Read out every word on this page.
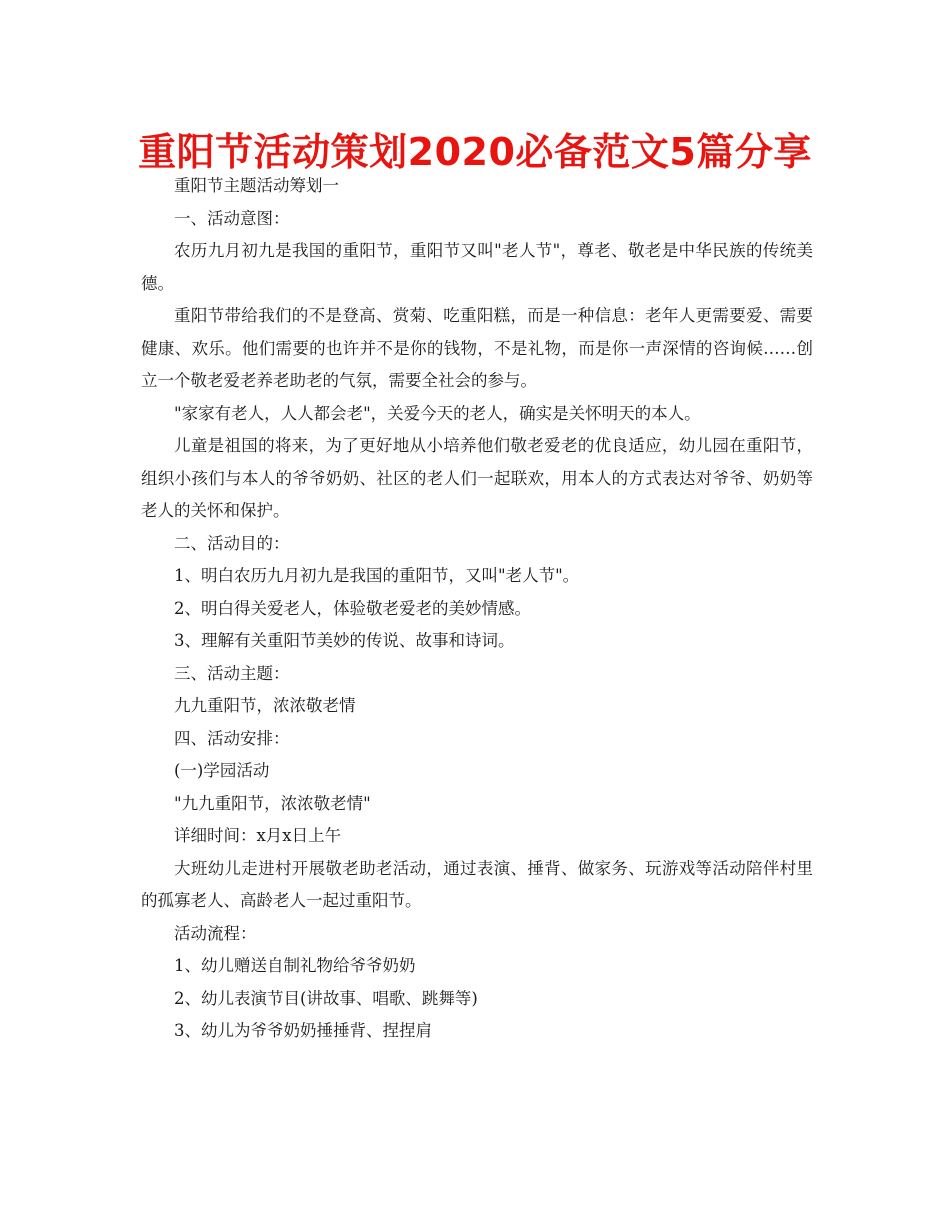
重阳节活动策划2020必备范文5篇分享

重阳节主题活动筹划一

一、活动意图：

农历九月初九是我国的重阳节，重阳节又叫"老人节"，尊老、敬老是中华民族的传统美德。

重阳节带给我们的不是登高、赏菊、吃重阳糕，而是一种信息：老年人更需要爱、需要健康、欢乐。他们需要的也许并不是你的钱物，不是礼物，而是你一声深情的咨询候……创立一个敬老爱老养老助老的气氛，需要全社会的参与。

"家家有老人，人人都会老"，关爱今天的老人，确实是关怀明天的本人。

儿童是祖国的将来，为了更好地从小培养他们敬老爱老的优良适应，幼儿园在重阳节，组织小孩们与本人的爷爷奶奶、社区的老人们一起联欢，用本人的方式表达对爷爷、奶奶等老人的关怀和保护。

二、活动目的：

1、明白农历九月初九是我国的重阳节，又叫"老人节"。

2、明白得关爱老人，体验敬老爱老的美妙情感。

3、理解有关重阳节美妙的传说、故事和诗词。

三、活动主题：

九九重阳节，浓浓敬老情

四、活动安排：

(一)学园活动

"九九重阳节，浓浓敬老情"

详细时间：x月x日上午

大班幼儿走进村开展敬老助老活动，通过表演、捶背、做家务、玩游戏等活动陪伴村里的孤寡老人、高龄老人一起过重阳节。

活动流程：

1、幼儿赠送自制礼物给爷爷奶奶

2、幼儿表演节目(讲故事、唱歌、跳舞等)

3、幼儿为爷爷奶奶捶捶背、捏捏肩
